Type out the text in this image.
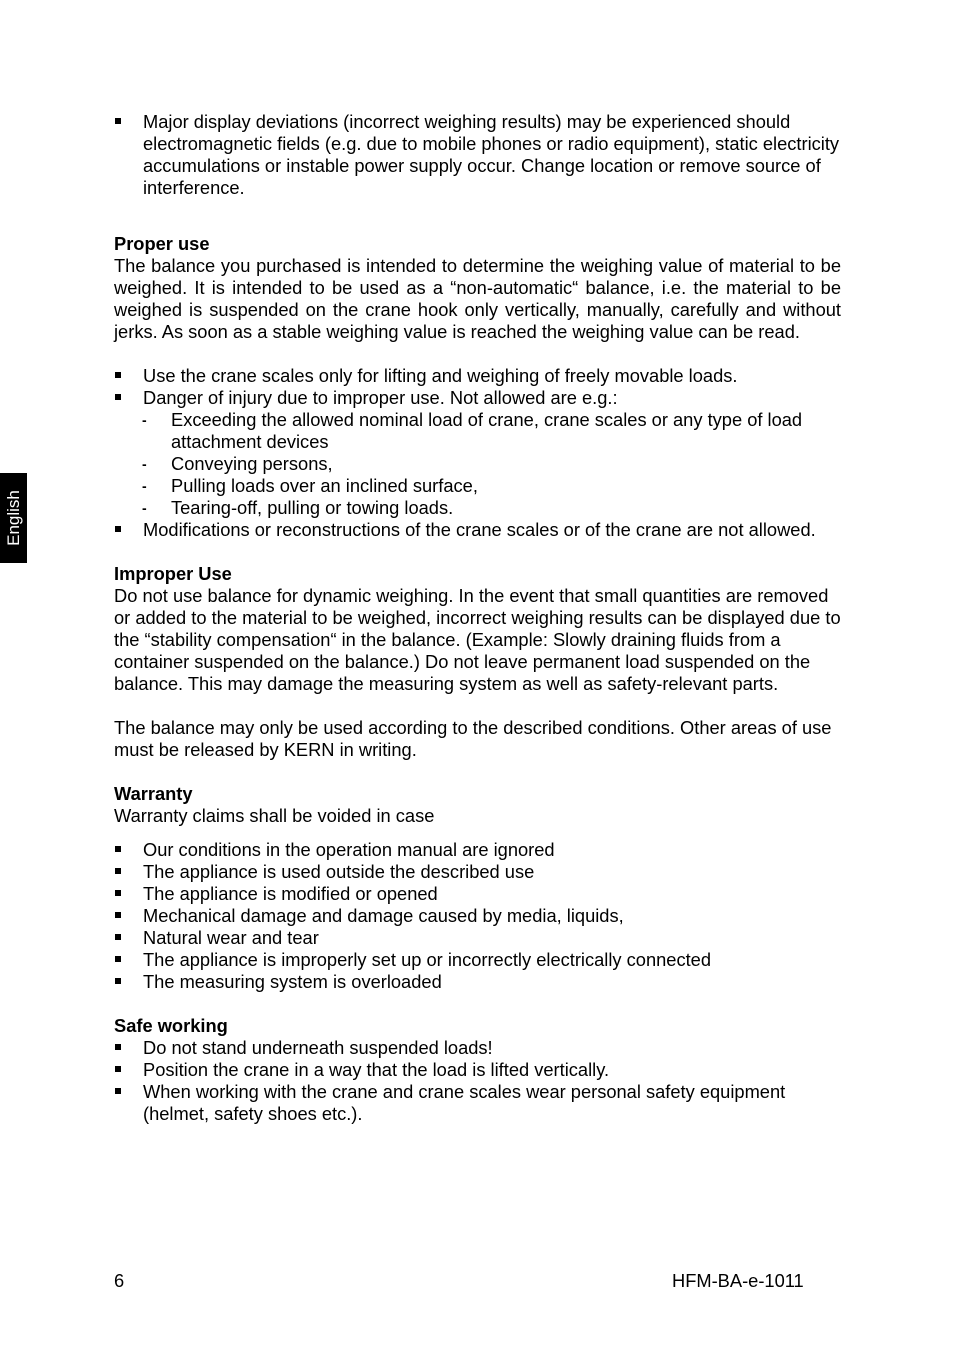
English
Major display deviations (incorrect weighing results) may be experienced should electromagnetic fields (e.g. due to mobile phones or radio equipment), static electricity accumulations or instable power supply occur. Change location or remove source of interference.

Proper use

The balance you purchased is intended to determine the weighing value of material to be weighed. It is intended to be used as a “non-automatic“ balance, i.e. the material to be weighed is suspended on the crane hook only vertically, manually, carefully and without jerks. As soon as a stable weighing value is reached the weighing value can be read.

Use the crane scales only for lifting and weighing of freely movable loads.
Danger of injury due to improper use. Not allowed are e.g.:
-
Exceeding the allowed nominal load of crane, crane scales or any type of load attachment devices
-
Conveying persons,
-
Pulling loads over an inclined surface,
-
Tearing-off, pulling or towing loads.
Modifications or reconstructions of the crane scales or of the crane are not allowed.

Improper Use

Do not use balance for dynamic weighing. In the event that small quantities are removed or added to the material to be weighed, incorrect weighing results can be displayed due to the “stability compensation“ in the balance. (Example: Slowly draining fluids from a container suspended on the balance.) Do not leave permanent load suspended on the balance. This may damage the measuring system as well as safety-relevant parts.

The balance may only be used according to the described conditions. Other areas of use must be released by KERN in writing.

Warranty

Warranty claims shall be voided in case

Our conditions in the operation manual are ignored
The appliance is used outside the described use
The appliance is modified or opened
Mechanical damage and damage caused by media, liquids,
Natural wear and tear
The appliance is improperly set up or incorrectly electrically connected
The measuring system is overloaded

Safe working

Do not stand underneath suspended loads!
Position the crane in a way that the load is lifted vertically.
When working with the crane and crane scales wear personal safety equipment (helmet, safety shoes etc.).
6	HFM-BA-e-1011
